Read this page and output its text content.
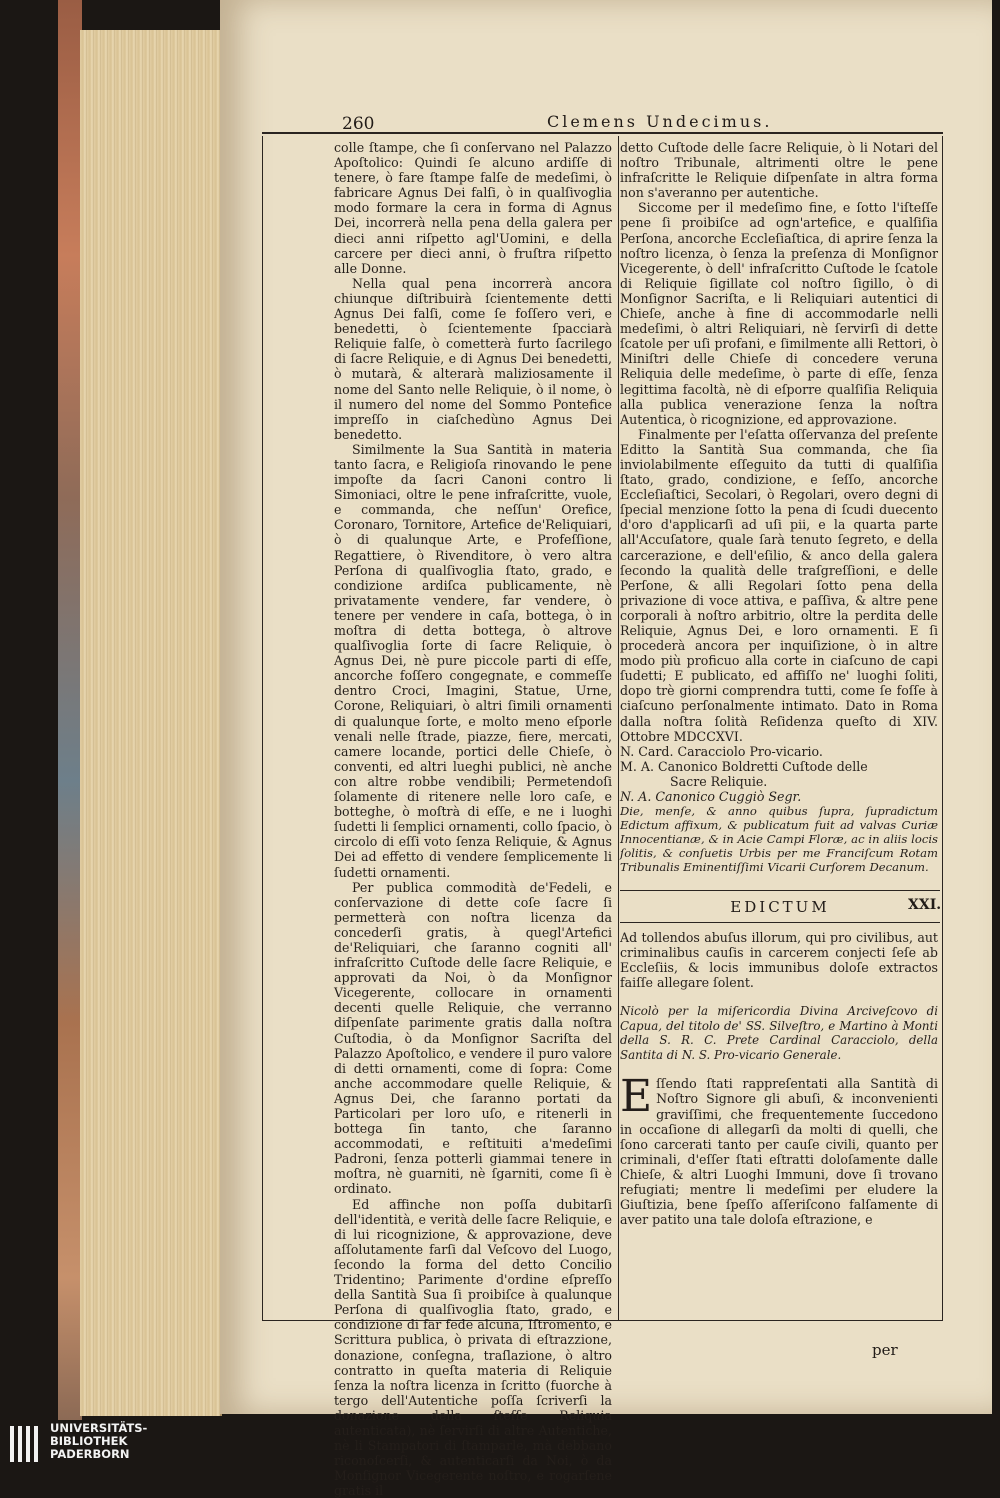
260	Clemens Undecimus.

colle ſtampe, che ſi conſervano nel Palazzo Apoſtolico: Quindi ſe alcuno ardiſſe di tenere, ò fare ſtampe falſe de medeſimi, ò fabricare Agnus Dei falſi, ò in qualſivoglia modo formare la cera in forma di Agnus Dei, incorrerà nella pena della galera per dieci anni riſpetto agl'Uomini, e della carcere per dieci anni, ò fruſtra riſpetto alle Donne.

Nella qual pena incorrerà ancora chiunque diſtribuirà ſcientemente detti Agnus Dei falſi, come ſe foſſero veri, e benedetti, ò ſcientemente ſpacciarà Reliquie falſe, ò cometterà furto ſacrilego di ſacre Reliquie, e di Agnus Dei benedetti, ò mutarà, & alterarà maliziosamente il nome del Santo nelle Reliquie, ò il nome, ò il numero del nome del Sommo Pontefice impreſſo in ciaſchedùno Agnus Dei benedetto.

Similmente la Sua Santità in materia tanto ſacra, e Religioſa rinovando le pene impoſte da ſacri Canoni contro li Simoniaci, oltre le pene infraſcritte, vuole, e commanda, che neſſun' Orefice, Coronaro, Tornitore, Artefice de'Reliquiari, ò di qualunque Arte, e Profeſſione, Regattiere, ò Rivenditore, ò vero altra Perſona di qualſivoglia ſtato, grado, e condizione ardiſca publicamente, nè privatamente vendere, far vendere, ò tenere per vendere in caſa, bottega, ò in moſtra di detta bottega, ò altrove qualſivoglia ſorte di ſacre Reliquie, ò Agnus Dei, nè pure piccole parti di eſſe, ancorche foſſero congegnate, e commeſſe dentro Croci, Imagini, Statue, Urne, Corone, Reliquiari, ò altri ſimili ornamenti di qualunque ſorte, e molto meno eſporle venali nelle ſtrade, piazze, fiere, mercati, camere locande, portici delle Chieſe, ò conventi, ed altri lueghi publici, nè anche con altre robbe vendibili; Permetendoſi ſolamente di ritenere nelle loro caſe, e botteghe, ò moſtrà di eſſe, e ne i luoghi ſudetti li ſemplici ornamenti, collo ſpacio, ò circolo di eſſi voto ſenza Reliquie, & Agnus Dei ad effetto di vendere ſemplicemente li ſudetti ornamenti.

Per publica commodità de'Fedeli, e conſervazione di dette coſe ſacre ſi permetterà con noſtra licenza da concederſi gratis, à quegl'Artefici de'Reliquiari, che ſaranno cogniti all' infraſcritto Cuſtode delle ſacre Reliquie, e approvati da Noi, ò da Monſignor Vicegerente, collocare in ornamenti decenti quelle Reliquie, che verranno diſpenſate parimente gratis dalla noſtra Cuſtodia, ò da Monſignor Sacriſta del Palazzo Apoſtolico, e vendere il puro valore di detti ornamenti, come di ſopra: Come anche accommodare quelle Reliquie, & Agnus Dei, che ſaranno portati da Particolari per loro uſo, e ritenerli in bottega ſin tanto, che ſaranno accommodati, e reſtituiti a'medeſimi Padroni, ſenza potterli giammai tenere in moſtra, nè guarniti, nè ſgarniti, come ſi è ordinato.

Ed affinche non poſſa dubitarſi dell'identità, e verità delle ſacre Reliquie, e di lui ricognizione, & approvazione, deve aſſolutamente farſi dal Veſcovo del Luogo, ſecondo la forma del detto Concilio Tridentino; Parimente d'ordine eſpreſſo della Santità Sua ſi proibiſce à qualunque Perſona di qualſivoglia ſtato, grado, e condizione di far fede alcuna, Iſtromento, e Scrittura publica, ò privata di eſtrazzione, donazione, conſegna, traſlazione, ò altro contratto in queſta materia di Reliquie ſenza la noſtra licenza in ſcritto (fuorche à tergo dell'Autentiche poſſa ſcriverſi la donazione della ſteſſe Reliquia autenticata), nè ſervirſi di altre Autentiche, nè li Stampatori di ſtamparle, mà debbano riconoſcerſi, & autenticarſi da Noi, ò da Monſignor Vicegerente noſtro, e rogarſene gratis il

detto Cuſtode delle ſacre Reliquie, ò li Notari del noſtro Tribunale, altrimenti oltre le pene infraſcritte le Reliquie diſpenſate in altra forma non s'averanno per autentiche.

Siccome per il medeſimo fine, e ſotto l'iſteſſe pene ſi proibiſce ad ogn'artefice, e qualſiſia Perſona, ancorche Eccleſiaſtica, di aprire ſenza la noſtro licenza, ò ſenza la preſenza di Monſignor Vicegerente, ò dell' infraſcritto Cuſtode le ſcatole di Reliquie ſigillate col noſtro ſigillo, ò di Monſignor Sacriſta, e li Reliquiari autentici di Chieſe, anche à fine di accommodarle nelli medeſimi, ò altri Reliquiari, nè ſervirſi di dette ſcatole per uſi profani, e ſimilmente alli Rettori, ò Miniſtri delle Chieſe di concedere veruna Reliquia delle medeſime, ò parte di eſſe, ſenza legittima facoltà, nè di eſporre qualſiſia Reliquia alla publica venerazione ſenza la noſtra Autentica, ò ricognizione, ed approvazione.

Finalmente per l'eſatta oſſervanza del preſente Editto la Santità Sua commanda, che ſia inviolabilmente eſſeguito da tutti di qualſiſia ſtato, grado, condizione, e ſeſſo, ancorche Eccleſiaſtici, Secolari, ò Regolari, overo degni di ſpecial menzione ſotto la pena di ſcudi duecento d'oro d'applicarſi ad uſi pii, e la quarta parte all'Accuſatore, quale ſarà tenuto ſegreto, e della carcerazione, e dell'eſilio, & anco della galera ſecondo la qualità delle traſgreſſioni, e delle Perſone, & alli Regolari ſotto pena della privazione di voce attiva, e paſſiva, & altre pene corporali à noſtro arbitrio, oltre la perdita delle Reliquie, Agnus Dei, e loro ornamenti. E ſi procederà ancora per inquiſizione, ò in altre modo più proficuo alla corte in ciaſcuno de capi ſudetti; E publicato, ed affiſſo ne' luoghi ſoliti, dopo trè giorni comprendra tutti, come ſe foſſe à ciaſcuno perſonalmente intimato. Dato in Roma dalla noſtra ſolità Reſidenza queſto di XIV. Ottobre MDCCXVI.

N. Card. Caracciolo Pro-vicario.

M. A. Canonico Boldretti Cuſtode delle

Sacre Reliquie.

N. A. Canonico Cuggiò Segr.

Die, menſe, & anno quibus ſupra, ſupradictum Edictum affixum, & publicatum fuit ad valvas Curiæ Innocentianæ, & in Acie Campi Floræ, ac in aliis locis ſolitis, & conſuetis Urbis per me Franciſcum Rotam Tribunalis Eminentiſſimi Vicarii Curſorem Decanum.

EDICTUM	XXI.

Ad tollendos abuſus illorum, qui pro civilibus, aut criminalibus cauſis in carcerem conjecti ſeſe ab Eccleſiis, & locis immunibus doloſe extractos faiſſe allegare ſolent.

Nicolò per la miſericordia Divina Arciveſcovo di Capua, del titolo de' SS. Silveſtro, e Martino à Monti della S. R. C. Prete Cardinal Caracciolo, della Santita di N. S. Pro-vicario Generale.

E ſſendo ſtati rappreſentati alla Santità di Noſtro Signore gli abuſi, & inconvenienti graviſſimi, che frequentemente ſuccedono in occaſione di allegarſi da molti di quelli, che ſono carcerati tanto per cauſe civili, quanto per criminali, d'eſſer ſtati eſtratti doloſamente dalle Chieſe, & altri Luoghi Immuni, dove ſi trovano refugiati; mentre li medeſimi per eludere la Giuſtizia, bene ſpeſſo aſſeriſcono falſamente di aver patito una tale doloſa eſtrazione, e

per
UNIVERSITÄTS-
BIBLIOTHEK
PADERBORN
